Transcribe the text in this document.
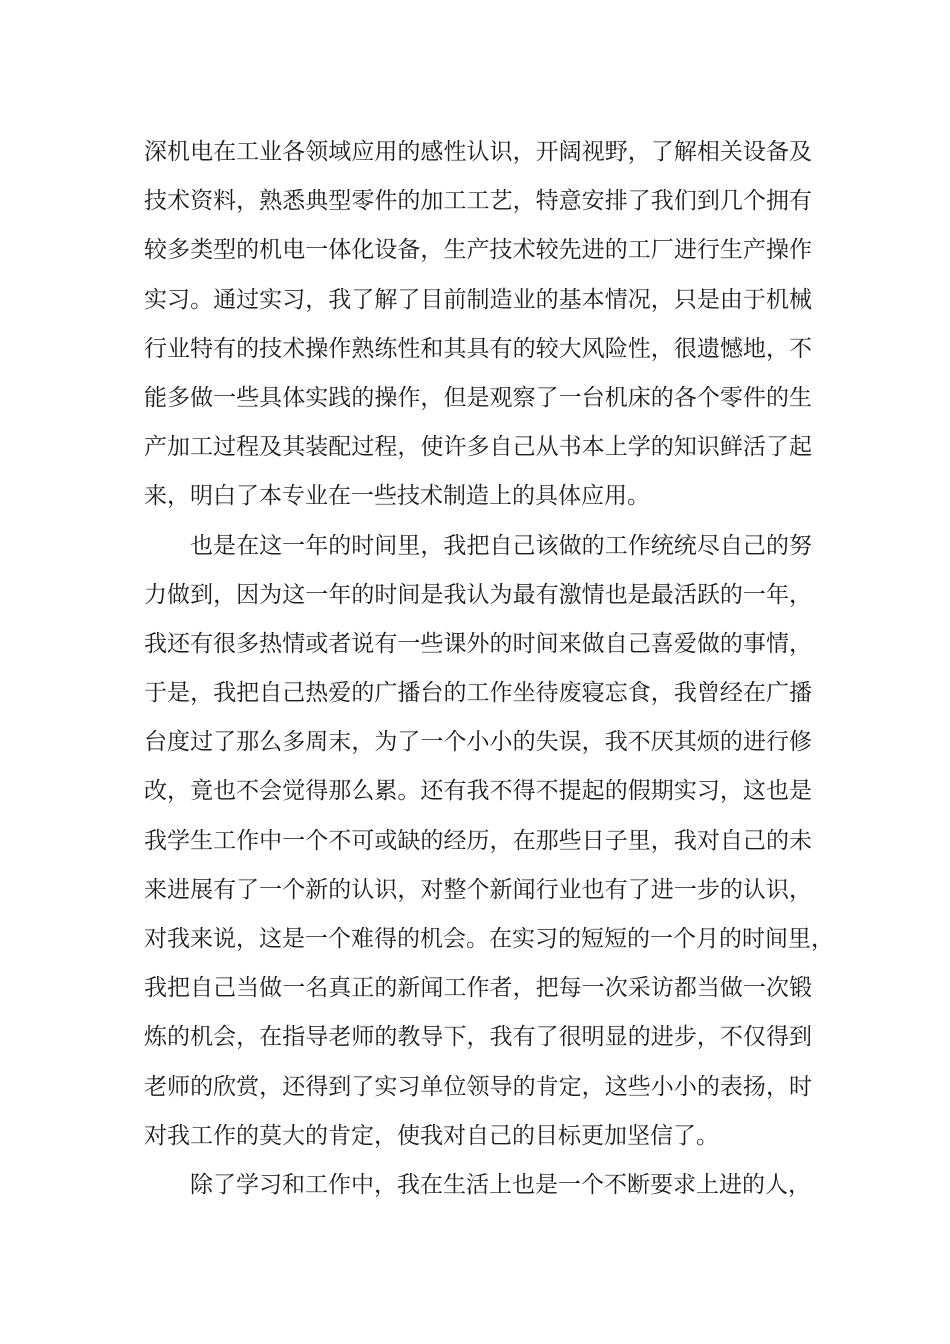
深机电在工业各领域应用的感性认识，开阔视野，了解相关设备及
技术资料，熟悉典型零件的加工工艺，特意安排了我们到几个拥有
较多类型的机电一体化设备，生产技术较先进的工厂进行生产操作
实习。通过实习，我了解了目前制造业的基本情况，只是由于机械
行业特有的技术操作熟练性和其具有的较大风险性，很遗憾地，不
能多做一些具体实践的操作，但是观察了一台机床的各个零件的生
产加工过程及其装配过程，使许多自己从书本上学的知识鲜活了起
来，明白了本专业在一些技术制造上的具体应用。
也是在这一年的时间里，我把自己该做的工作统统尽自己的努
力做到，因为这一年的时间是我认为最有激情也是最活跃的一年，
我还有很多热情或者说有一些课外的时间来做自己喜爱做的事情，
于是，我把自己热爱的广播台的工作坐待废寝忘食，我曾经在广播
台度过了那么多周末，为了一个小小的失误，我不厌其烦的进行修
改，竟也不会觉得那么累。还有我不得不提起的假期实习，这也是
我学生工作中一个不可或缺的经历，在那些日子里，我对自己的未
来进展有了一个新的认识，对整个新闻行业也有了进一步的认识，
对我来说，这是一个难得的机会。在实习的短短的一个月的时间里，
我把自己当做一名真正的新闻工作者，把每一次采访都当做一次锻
炼的机会，在指导老师的教导下，我有了很明显的进步，不仅得到
老师的欣赏，还得到了实习单位领导的肯定，这些小小的表扬，时
对我工作的莫大的肯定，使我对自己的目标更加坚信了。
除了学习和工作中，我在生活上也是一个不断要求上进的人，
